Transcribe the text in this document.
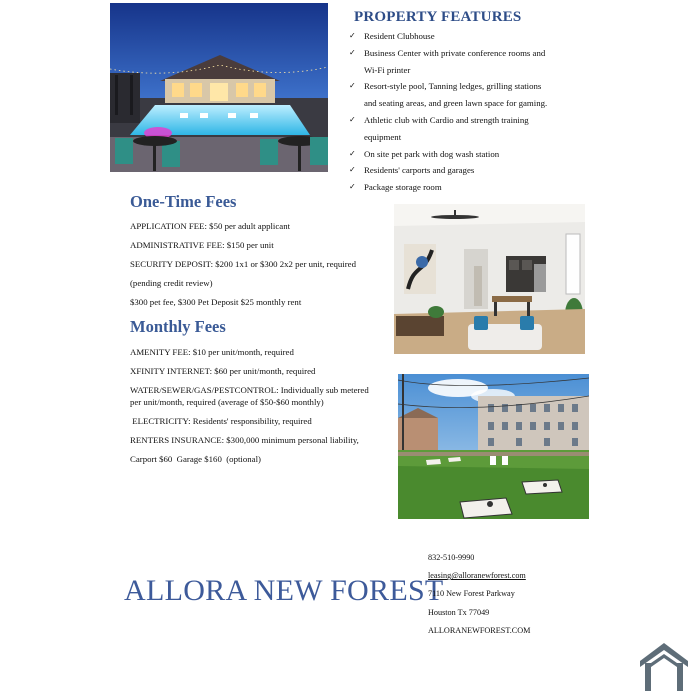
PROPERTY FEATURES
✓ Resident Clubhouse
✓ Business Center with private conference rooms and
Wi-Fi printer
✓ Resort-style pool, Tanning ledges, grilling stations
and seating areas, and green lawn space for gaming.
✓ Athletic club with Cardio and strength training
equipment
✓ On site pet park with dog wash station
✓ Residents' carports and garages
✓ Package storage room
One-Time Fees

APPLICATION FEE: $50 per adult applicant

ADMINISTRATIVE FEE: $150 per unit

SECURITY DEPOSIT: $200 1x1 or $300 2x2 per unit, required

(pending credit review)

$300 pet fee, $300 Pet Deposit $25 monthly rent

Monthly Fees

AMENITY FEE: $10 per unit/month, required

XFINITY INTERNET: $60 per unit/month, required

WATER/SEWER/GAS/PESTCONTROL: Individually sub metered

per unit/month, required (average of $50-$60 monthly)

ELECTRICITY: Residents' responsibility, required

RENTERS INSURANCE: $300,000 minimum personal liability,

Carport $60  Garage $160  (optional)

ALLORA NEW FOREST
832-510-9990
leasing@alloranewforest.com
7110 New Forest Parkway
Houston Tx 77049
ALLORANEWFOREST.COM
